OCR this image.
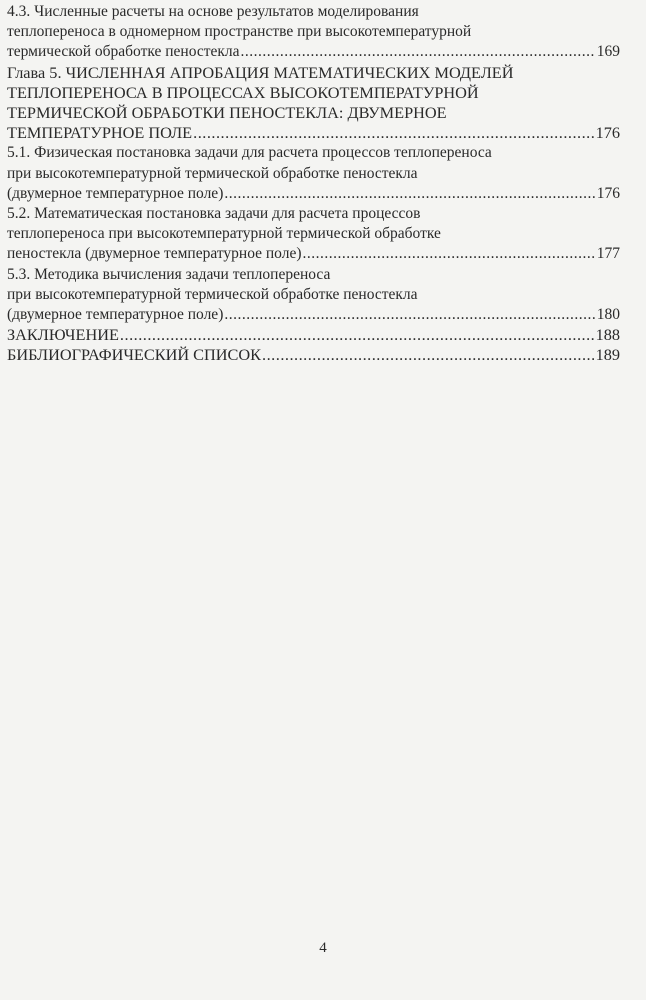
4.3. Численные расчеты на основе результатов моделирования
теплопереноса в одномерном пространстве при высокотемпературной
термической обработке пеностекла .....	169
Глава 5. ЧИСЛЕННАЯ АПРОБАЦИЯ МАТЕМАТИЧЕСКИХ МОДЕЛЕЙ
ТЕПЛОПЕРЕНОСА В ПРОЦЕССАХ ВЫСОКОТЕМПЕРАТУРНОЙ
ТЕРМИЧЕСКОЙ ОБРАБОТКИ ПЕНОСТЕКЛА: ДВУМЕРНОЕ
ТЕМПЕРАТУРНОЕ ПОЛЕ .....	176
5.1. Физическая постановка задачи для расчета процессов теплопереноса
при высокотемпературной термической обработке пеностекла
(двумерное температурное поле) .....	176
5.2. Математическая постановка задачи для расчета процессов
теплопереноса при высокотемпературной термической обработке
пеностекла (двумерное температурное поле) .....	177
5.3. Методика вычисления задачи теплопереноса
при высокотемпературной термической обработке пеностекла
(двумерное температурное поле) .....	180
ЗАКЛЮЧЕНИЕ .....	188
БИБЛИОГРАФИЧЕСКИЙ СПИСОК .....	189
4
